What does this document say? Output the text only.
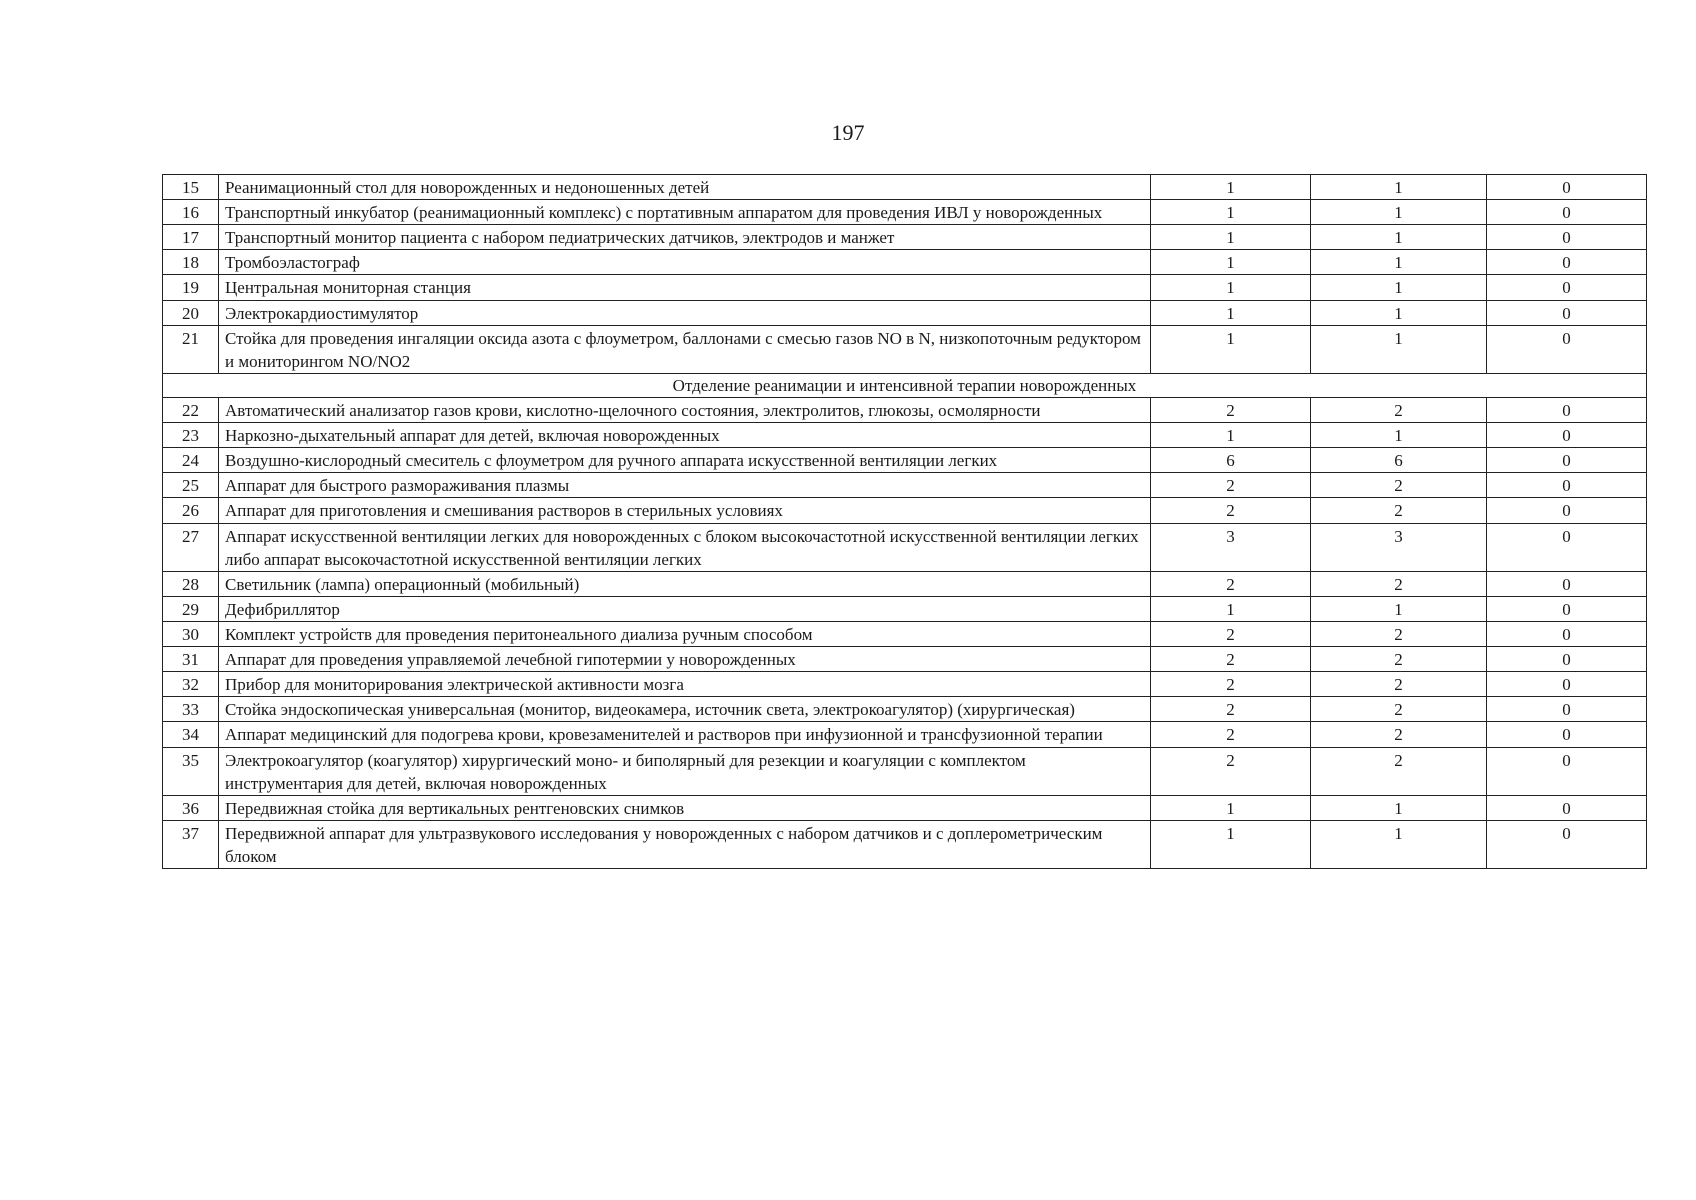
197
15	Реанимационный стол для новорожденных и недоношенных детей	1	1	0
16	Транспортный инкубатор (реанимационный комплекс) с портативным аппаратом для проведения ИВЛ у новорожденных	1	1	0
17	Транспортный монитор пациента с набором педиатрических датчиков, электродов и манжет	1	1	0
18	Тромбоэластограф	1	1	0
19	Центральная мониторная станция	1	1	0
20	Электрокардиостимулятор	1	1	0
21	Стойка для проведения ингаляции оксида азота с флоуметром, баллонами с смесью газов NO в N, низкопоточным редуктором и мониторингом NO/NO2	1	1	0
Отделение реанимации и интенсивной терапии новорожденных				
22	Автоматический анализатор газов крови, кислотно-щелочного состояния, электролитов, глюкозы, осмолярности	2	2	0
23	Наркозно-дыхательный аппарат для детей, включая новорожденных	1	1	0
24	Воздушно-кислородный смеситель с флоуметром для ручного аппарата искусственной вентиляции легких	6	6	0
25	Аппарат для быстрого размораживания плазмы	2	2	0
26	Аппарат для приготовления и смешивания растворов в стерильных условиях	2	2	0
27	Аппарат искусственной вентиляции легких для новорожденных с блоком высокочастотной искусственной вентиляции легких либо аппарат высокочастотной искусственной вентиляции легких	3	3	0
28	Светильник (лампа) операционный (мобильный)	2	2	0
29	Дефибриллятор	1	1	0
30	Комплект устройств для проведения перитонеального диализа ручным способом	2	2	0
31	Аппарат для проведения управляемой лечебной гипотермии у новорожденных	2	2	0
32	Прибор для мониторирования электрической активности мозга	2	2	0
33	Стойка эндоскопическая универсальная (монитор, видеокамера, источник света, электрокоагулятор) (хирургическая)	2	2	0
34	Аппарат медицинский для подогрева крови, кровезаменителей и растворов при инфузионной и трансфузионной терапии	2	2	0
35	Электрокоагулятор (коагулятор) хирургический моно- и биполярный для резекции и коагуляции с комплектом инструментария для детей, включая новорожденных	2	2	0
36	Передвижная стойка для вертикальных рентгеновских снимков	1	1	0
37	Передвижной аппарат для ультразвукового исследования у новорожденных с набором датчиков и с доплерометрическим блоком	1	1	0
